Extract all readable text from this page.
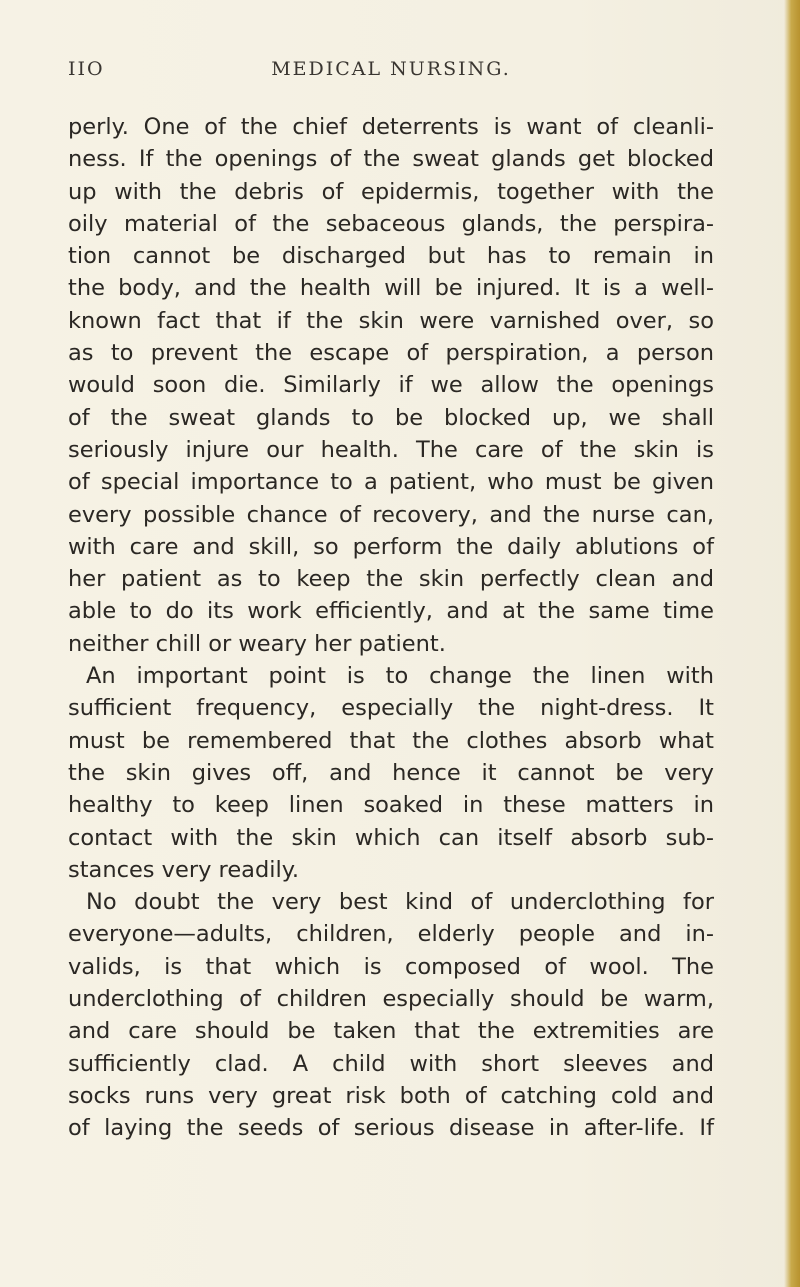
IIO	MEDICAL NURSING.
perly. One of the chief deterrents is want of cleanli-
ness. If the openings of the sweat glands get blocked
up with the debris of epidermis, together with the
oily material of the sebaceous glands, the perspira-
tion cannot be discharged but has to remain in
the body, and the health will be injured. It is a well-
known fact that if the skin were varnished over, so
as to prevent the escape of perspiration, a person
would soon die. Similarly if we allow the openings
of the sweat glands to be blocked up, we shall
seriously injure our health. The care of the skin is
of special importance to a patient, who must be given
every possible chance of recovery, and the nurse can,
with care and skill, so perform the daily ablutions of
her patient as to keep the skin perfectly clean and
able to do its work efficiently, and at the same time
neither chill or weary her patient.
An important point is to change the linen with
sufficient frequency, especially the night-dress. It
must be remembered that the clothes absorb what
the skin gives off, and hence it cannot be very
healthy to keep linen soaked in these matters in
contact with the skin which can itself absorb sub-
stances very readily.
No doubt the very best kind of underclothing for
everyone—adults, children, elderly people and in-
valids, is that which is composed of wool. The
underclothing of children especially should be warm,
and care should be taken that the extremities are
sufficiently clad. A child with short sleeves and
socks runs very great risk both of catching cold and
of laying the seeds of serious disease in after-life. If
